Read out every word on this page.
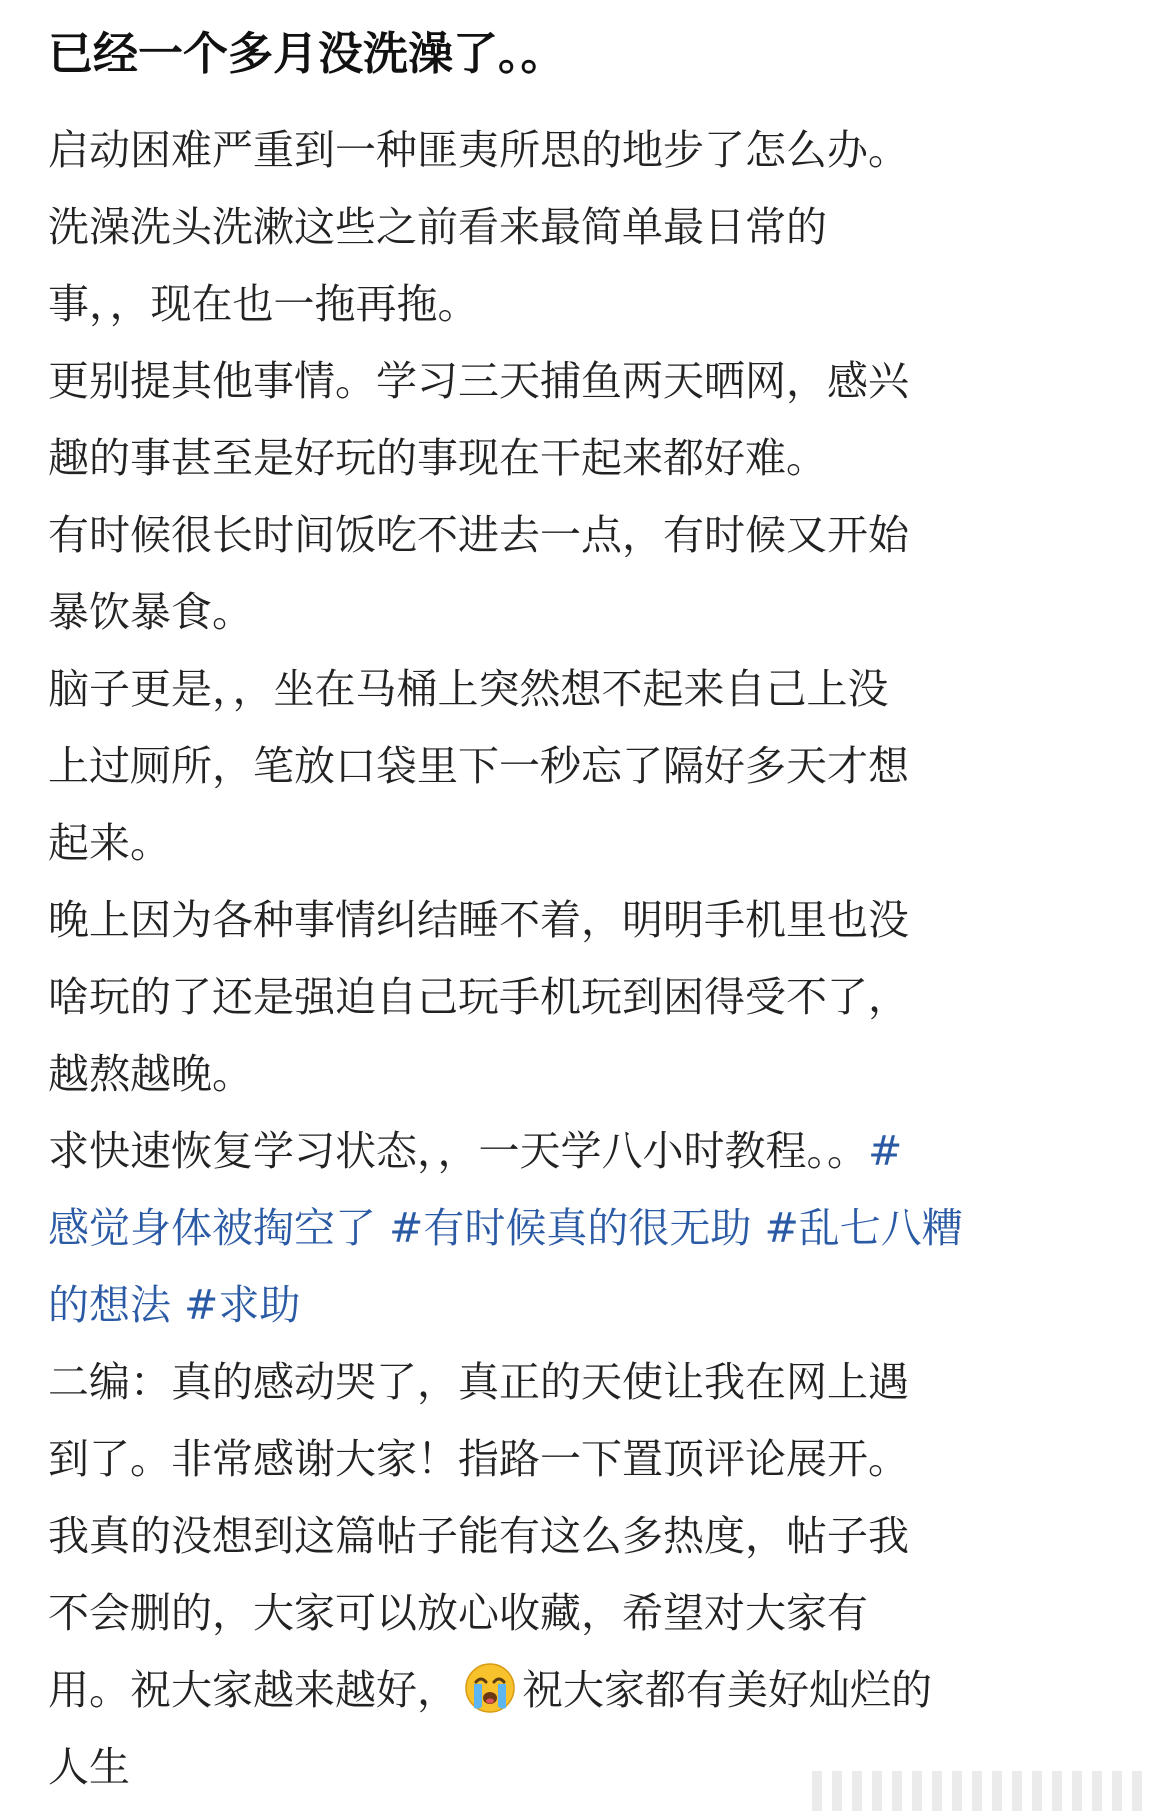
已经一个多月没洗澡了。。
启动困难严重到一种匪夷所思的地步了怎么办。
洗澡洗头洗漱这些之前看来最简单最日常的
事，，现在也一拖再拖。
更别提其他事情。学习三天捕鱼两天晒网，感兴
趣的事甚至是好玩的事现在干起来都好难。
有时候很长时间饭吃不进去一点，有时候又开始
暴饮暴食。
脑子更是，，坐在马桶上突然想不起来自己上没
上过厕所，笔放口袋里下一秒忘了隔好多天才想
起来。
晚上因为各种事情纠结睡不着，明明手机里也没
啥玩的了还是强迫自己玩手机玩到困得受不了，
越熬越晚。
求快速恢复学习状态，，一天学八小时教程。。#
感觉身体被掏空了 #有时候真的很无助 #乱七八糟
的想法 #求助
二编：真的感动哭了，真正的天使让我在网上遇
到了。非常感谢大家！指路一下置顶评论展开。
我真的没想到这篇帖子能有这么多热度，帖子我
不会删的，大家可以放心收藏，希望对大家有
用。祝大家越来越好， 祝大家都有美好灿烂的
人生
